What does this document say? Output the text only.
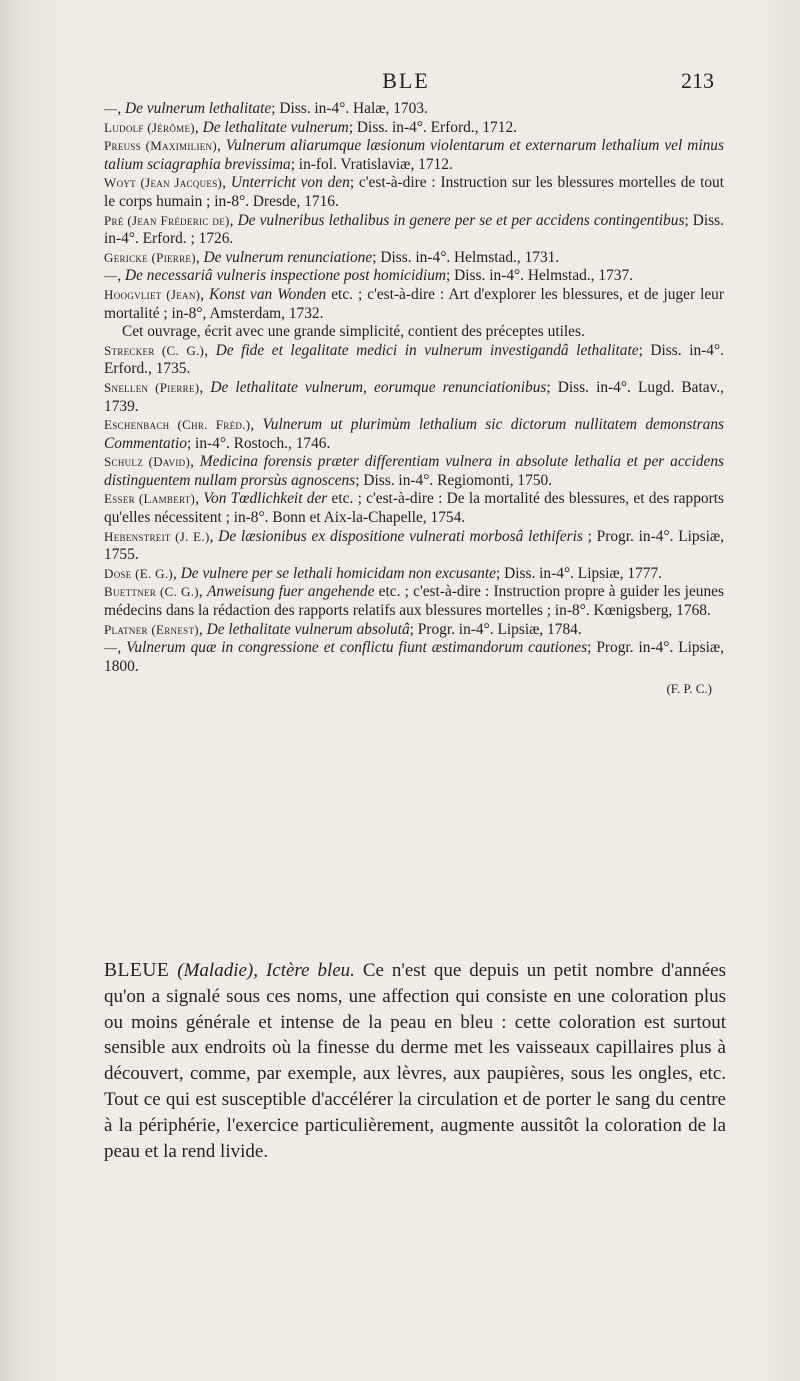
BLE	213

—, De vulnerum lethalitate; Diss. in-4°. Halæ, 1703.

Ludolf (Jérôme), De lethalitate vulnerum; Diss. in-4°. Erford., 1712.

Preuss (Maximilien), Vulnerum aliarumque læsionum violentarum et externarum lethalium vel minus talium sciagraphia brevissima; in-fol. Vratislaviæ, 1712.

Woyt (Jean Jacques), Unterricht von den; c'est-à-dire : Instruction sur les blessures mortelles de tout le corps humain ; in-8°. Dresde, 1716.

Pré (Jean Fréderic de), De vulneribus lethalibus in genere per se et per accidens contingentibus; Diss. in-4°. Erford. ; 1726.

Gericke (Pierre), De vulnerum renunciatione; Diss. in-4°. Helmstad., 1731.

—, De necessariâ vulneris inspectione post homicidium; Diss. in-4°. Helmstad., 1737.

Hoogvliet (Jean), Konst van Wonden etc. ; c'est-à-dire : Art d'explorer les blessures, et de juger leur mortalité ; in-8°, Amsterdam, 1732.

Cet ouvrage, écrit avec une grande simplicité, contient des préceptes utiles.

Strecker (C. G.), De fide et legalitate medici in vulnerum investigandâ lethalitate; Diss. in-4°. Erford., 1735.

Snellen (Pierre), De lethalitate vulnerum, eorumque renunciationibus; Diss. in-4°. Lugd. Batav., 1739.

Eschenbach (Chr. Fréd.), Vulnerum ut plurimùm lethalium sic dictorum nullitatem demonstrans Commentatio; in-4°. Rostoch., 1746.

Schulz (David), Medicina forensis præter differentiam vulnera in absolute lethalia et per accidens distinguentem nullam prorsùs agnoscens; Diss. in-4°. Regiomonti, 1750.

Esser (Lambert), Von Tœdlichkeit der etc. ; c'est-à-dire : De la mortalité des blessures, et des rapports qu'elles nécessitent ; in-8°. Bonn et Aix-la-Chapelle, 1754.

Hebenstreit (J. E.), De læsionibus ex dispositione vulnerati morbosâ lethiferis ; Progr. in-4°. Lipsiæ, 1755.

Dose (E. G.), De vulnere per se lethali homicidam non excusante; Diss. in-4°. Lipsiæ, 1777.

Buettner (C. G.), Anweisung fuer angehende etc. ; c'est-à-dire : Instruction propre à guider les jeunes médecins dans la rédaction des rapports relatifs aux blessures mortelles ; in-8°. Kœnigsberg, 1768.

Platner (Ernest), De lethalitate vulnerum absolutâ; Progr. in-4°. Lipsiæ, 1784.

—, Vulnerum quæ in congressione et conflictu fiunt æstimandorum cautiones; Progr. in-4°. Lipsiæ, 1800.

(F. P. C.)

BLEUE (Maladie), Ictère bleu. Ce n'est que depuis un petit nombre d'années qu'on a signalé sous ces noms, une affection qui consiste en une coloration plus ou moins générale et intense de la peau en bleu : cette coloration est surtout sensible aux endroits où la finesse du derme met les vaisseaux capillaires plus à découvert, comme, par exemple, aux lèvres, aux paupières, sous les ongles, etc. Tout ce qui est susceptible d'accélérer la circulation et de porter le sang du centre à la périphérie, l'exercice particulièrement, augmente aussitôt la coloration de la peau et la rend livide.
